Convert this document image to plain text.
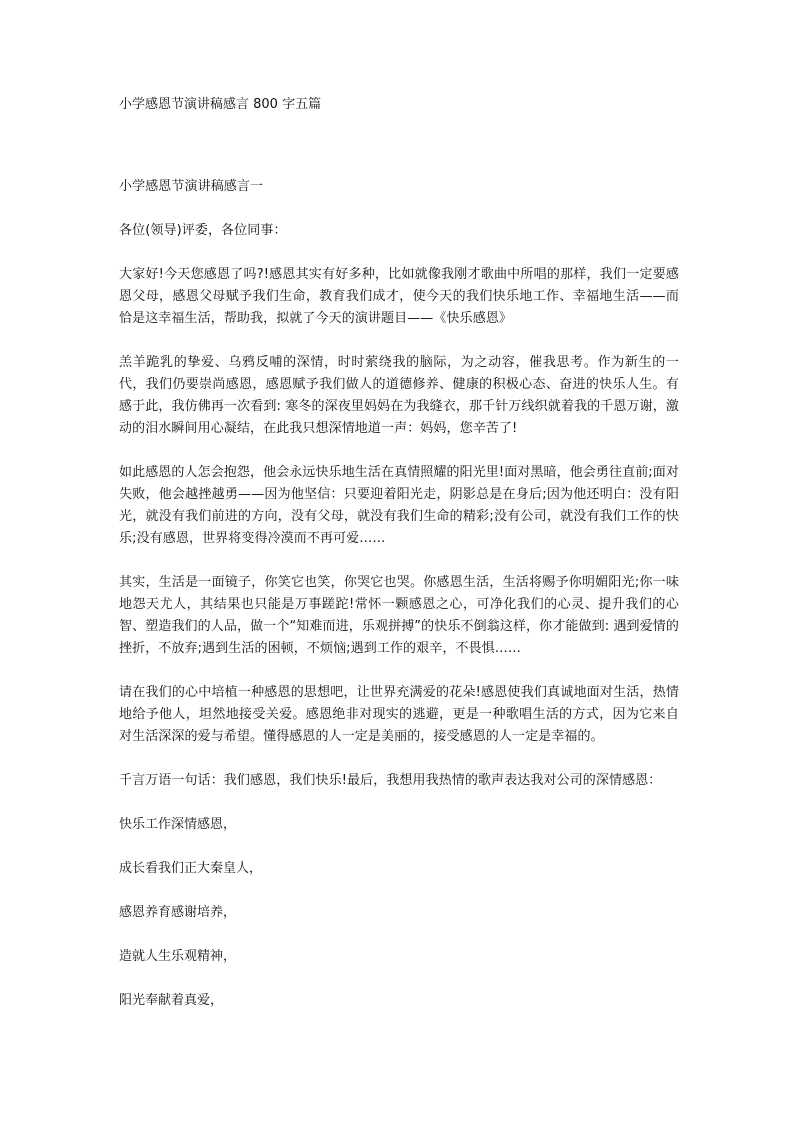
小学感恩节演讲稿感言 800 字五篇
小学感恩节演讲稿感言一

各位(领导)评委，各位同事：

大家好!今天您感恩了吗?!感恩其实有好多种，比如就像我刚才歌曲中所唱的那样，我们一定要感恩父母，感恩父母赋予我们生命，教育我们成才，使今天的我们快乐地工作、幸福地生活——而恰是这幸福生活，帮助我，拟就了今天的演讲题目——《快乐感恩》

羔羊跪乳的挚爱、乌鸦反哺的深情，时时萦绕我的脑际，为之动容，催我思考。作为新生的一代，我们仍要崇尚感恩，感恩赋予我们做人的道德修养、健康的积极心态、奋进的快乐人生。有感于此，我仿佛再一次看到: 寒冬的深夜里妈妈在为我缝衣，那千针万线织就着我的千恩万谢，激动的泪水瞬间用心凝结，在此我只想深情地道一声：妈妈，您辛苦了!

如此感恩的人怎会抱怨，他会永远快乐地生活在真情照耀的阳光里!面对黑暗，他会勇往直前;面对失败，他会越挫越勇——因为他坚信：只要迎着阳光走，阴影总是在身后;因为他还明白：没有阳光，就没有我们前进的方向，没有父母，就没有我们生命的精彩;没有公司，就没有我们工作的快乐;没有感恩，世界将变得冷漠而不再可爱……

其实，生活是一面镜子，你笑它也笑，你哭它也哭。你感恩生活，生活将赐予你明媚阳光;你一味地怨天尤人，其结果也只能是万事蹉跎!常怀一颗感恩之心，可净化我们的心灵、提升我们的心智、塑造我们的人品，做一个“知难而进，乐观拼搏”的快乐不倒翁这样，你才能做到: 遇到爱情的挫折，不放弃;遇到生活的困顿，不烦恼;遇到工作的艰辛，不畏惧……

请在我们的心中培植一种感恩的思想吧，让世界充满爱的花朵!感恩使我们真诚地面对生活，热情地给予他人，坦然地接受关爱。感恩绝非对现实的逃避，更是一种歌唱生活的方式，因为它来自对生活深深的爱与希望。懂得感恩的人一定是美丽的，接受感恩的人一定是幸福的。

千言万语一句话：我们感恩，我们快乐!最后，我想用我热情的歌声表达我对公司的深情感恩：

快乐工作深情感恩，

成长看我们正大秦皇人，

感恩养育感谢培养，

造就人生乐观精神，

阳光奉献着真爱，
